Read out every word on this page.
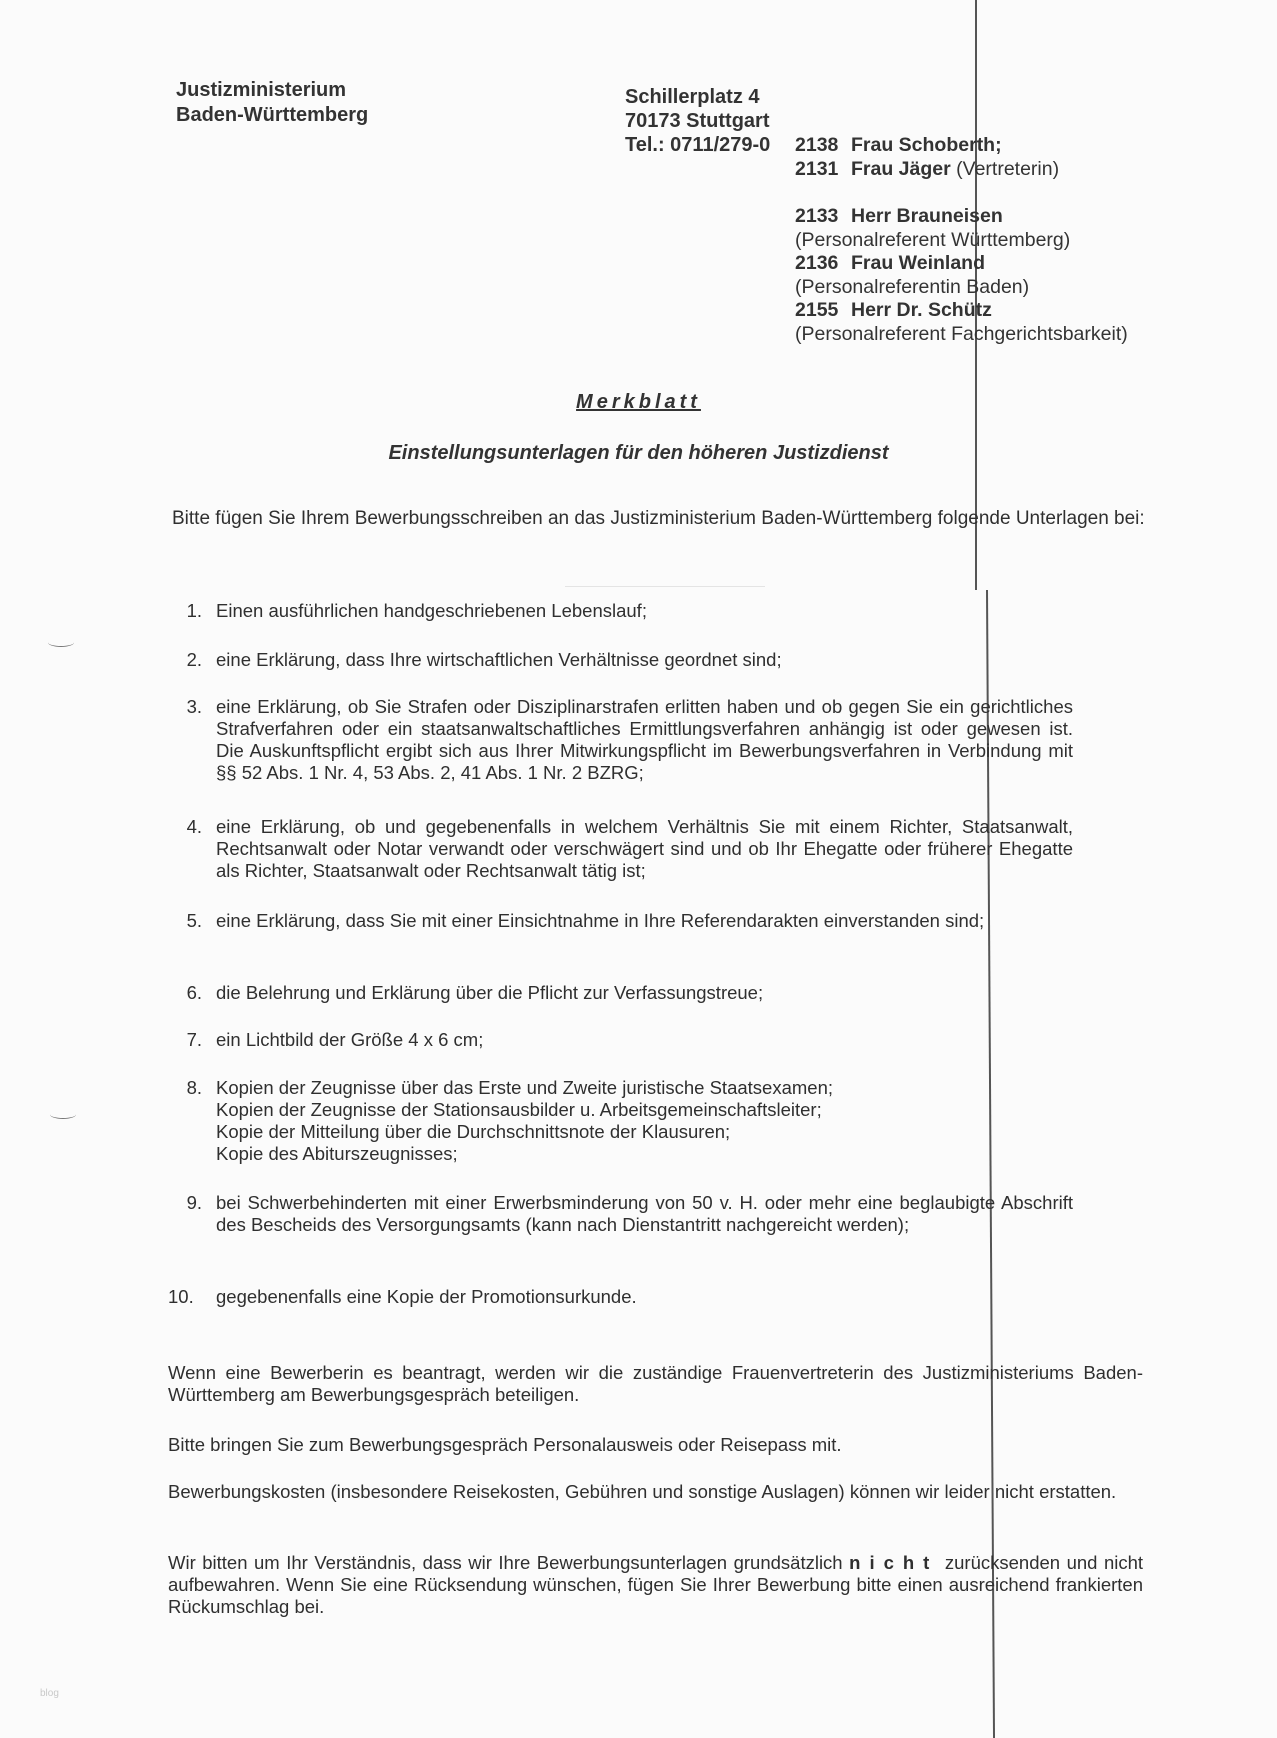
blog
Justizministerium
Baden-Württemberg
Schillerplatz 4
70173 Stuttgart
Tel.: 0711/279-0 2138 Frau Schoberth;
2131 Frau Jäger (Vertreterin)
2133 Herr Brauneisen
(Personalreferent Württemberg)
2136 Frau Weinland
(Personalreferentin Baden)
2155 Herr Dr. Schütz
(Personalreferent Fachgerichtsbarkeit)
Merkblatt
Einstellungsunterlagen für den höheren Justizdienst
Bitte fügen Sie Ihrem Bewerbungsschreiben an das Justizministerium Baden-Württemberg folgende Unterlagen bei:
1. Einen ausführlichen handgeschriebenen Lebenslauf;
2. eine Erklärung, dass Ihre wirtschaftlichen Verhältnisse geordnet sind;
3. eine Erklärung, ob Sie Strafen oder Disziplinarstrafen erlitten haben und ob gegen Sie ein gerichtliches Strafverfahren oder ein staatsanwaltschaftliches Ermittlungsverfahren anhängig ist oder gewesen ist. Die Auskunftspflicht ergibt sich aus Ihrer Mitwirkungspflicht im Bewerbungsverfahren in Verbindung mit §§ 52 Abs. 1 Nr. 4, 53 Abs. 2, 41 Abs. 1 Nr. 2 BZRG;
4. eine Erklärung, ob und gegebenenfalls in welchem Verhältnis Sie mit einem Richter, Staatsanwalt, Rechtsanwalt oder Notar verwandt oder verschwägert sind und ob Ihr Ehegatte oder früherer Ehegatte als Richter, Staatsanwalt oder Rechtsanwalt tätig ist;
5. eine Erklärung, dass Sie mit einer Einsichtnahme in Ihre Referendarakten einverstanden sind;
6. die Belehrung und Erklärung über die Pflicht zur Verfassungstreue;
7. ein Lichtbild der Größe 4 x 6 cm;
8. Kopien der Zeugnisse über das Erste und Zweite juristische Staatsexamen;
Kopien der Zeugnisse der Stationsausbilder u. Arbeitsgemeinschaftsleiter;
Kopie der Mitteilung über die Durchschnittsnote der Klausuren;
Kopie des Abiturszeugnisses;
9. bei Schwerbehinderten mit einer Erwerbsminderung von 50 v. H. oder mehr eine beglaubigte Abschrift des Bescheids des Versorgungsamts (kann nach Dienstantritt nachgereicht werden);
10.	gegebenenfalls eine Kopie der Promotionsurkunde.
Wenn eine Bewerberin es beantragt, werden wir die zuständige Frauenvertreterin des Justizministeriums Baden-Württemberg am Bewerbungsgespräch beteiligen.
Bitte bringen Sie zum Bewerbungsgespräch Personalausweis oder Reisepass mit.
Bewerbungskosten (insbesondere Reisekosten, Gebühren und sonstige Auslagen) können wir leider nicht erstatten.
Wir bitten um Ihr Verständnis, dass wir Ihre Bewerbungsunterlagen grundsätzlich nicht zurücksenden und nicht aufbewahren. Wenn Sie eine Rücksendung wünschen, fügen Sie Ihrer Bewerbung bitte einen ausreichend frankierten Rückumschlag bei.
